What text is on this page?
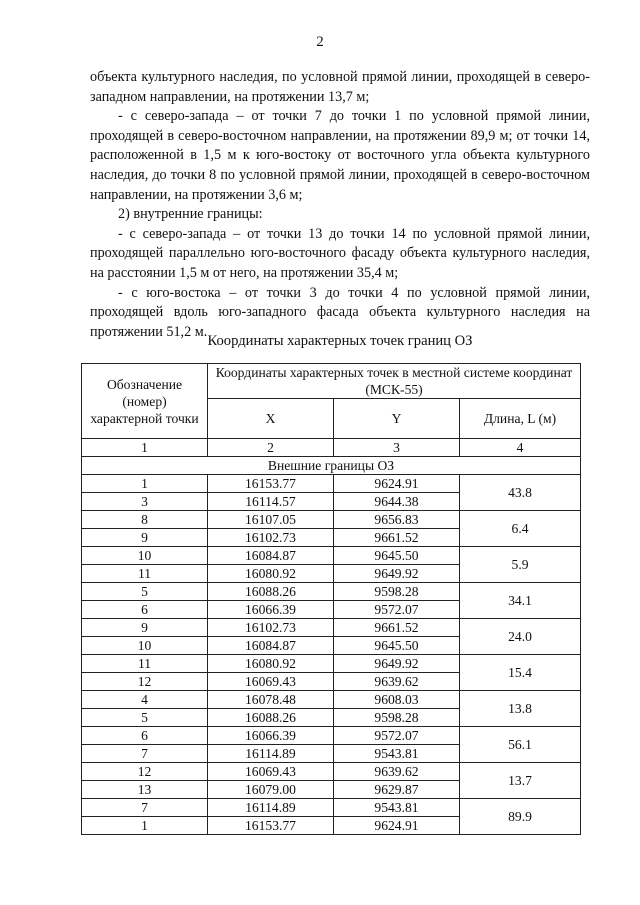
2

объекта культурного наследия, по условной прямой линии, проходящей в северо-западном направлении, на протяжении 13,7 м;

- с северо-запада – от точки 7 до точки 1 по условной прямой линии, проходящей в северо-восточном направлении, на протяжении 89,9 м; от точки 14, расположенной в 1,5 м к юго-востоку от восточного угла объекта культурного наследия, до точки 8 по условной прямой линии, проходящей в северо-восточном направлении, на протяжении 3,6 м;

2) внутренние границы:

- с северо-запада – от точки 13 до точки 14 по условной прямой линии, проходящей параллельно юго-восточного фасаду объекта культурного наследия, на расстоянии 1,5 м от него, на протяжении 35,4 м;

- с юго-востока – от точки 3 до точки 4 по условной прямой линии, проходящей вдоль юго-западного фасада объекта культурного наследия на протяжении 51,2 м.

Координаты характерных точек границ ОЗ
Обозначение (номер) характерной точки	Координаты характерных точек в местной системе координат (МСК-55)		
	X	Y	Длина, L (м)
1	2	3	4
Внешние границы ОЗ			
1	16153.77	9624.91	43.8
3	16114.57	9644.38	
8	16107.05	9656.83	6.4
9	16102.73	9661.52	
10	16084.87	9645.50	5.9
11	16080.92	9649.92	
5	16088.26	9598.28	34.1
6	16066.39	9572.07	
9	16102.73	9661.52	24.0
10	16084.87	9645.50	
11	16080.92	9649.92	15.4
12	16069.43	9639.62	
4	16078.48	9608.03	13.8
5	16088.26	9598.28	
6	16066.39	9572.07	56.1
7	16114.89	9543.81	
12	16069.43	9639.62	13.7
13	16079.00	9629.87	
7	16114.89	9543.81	89.9
1	16153.77	9624.91	
